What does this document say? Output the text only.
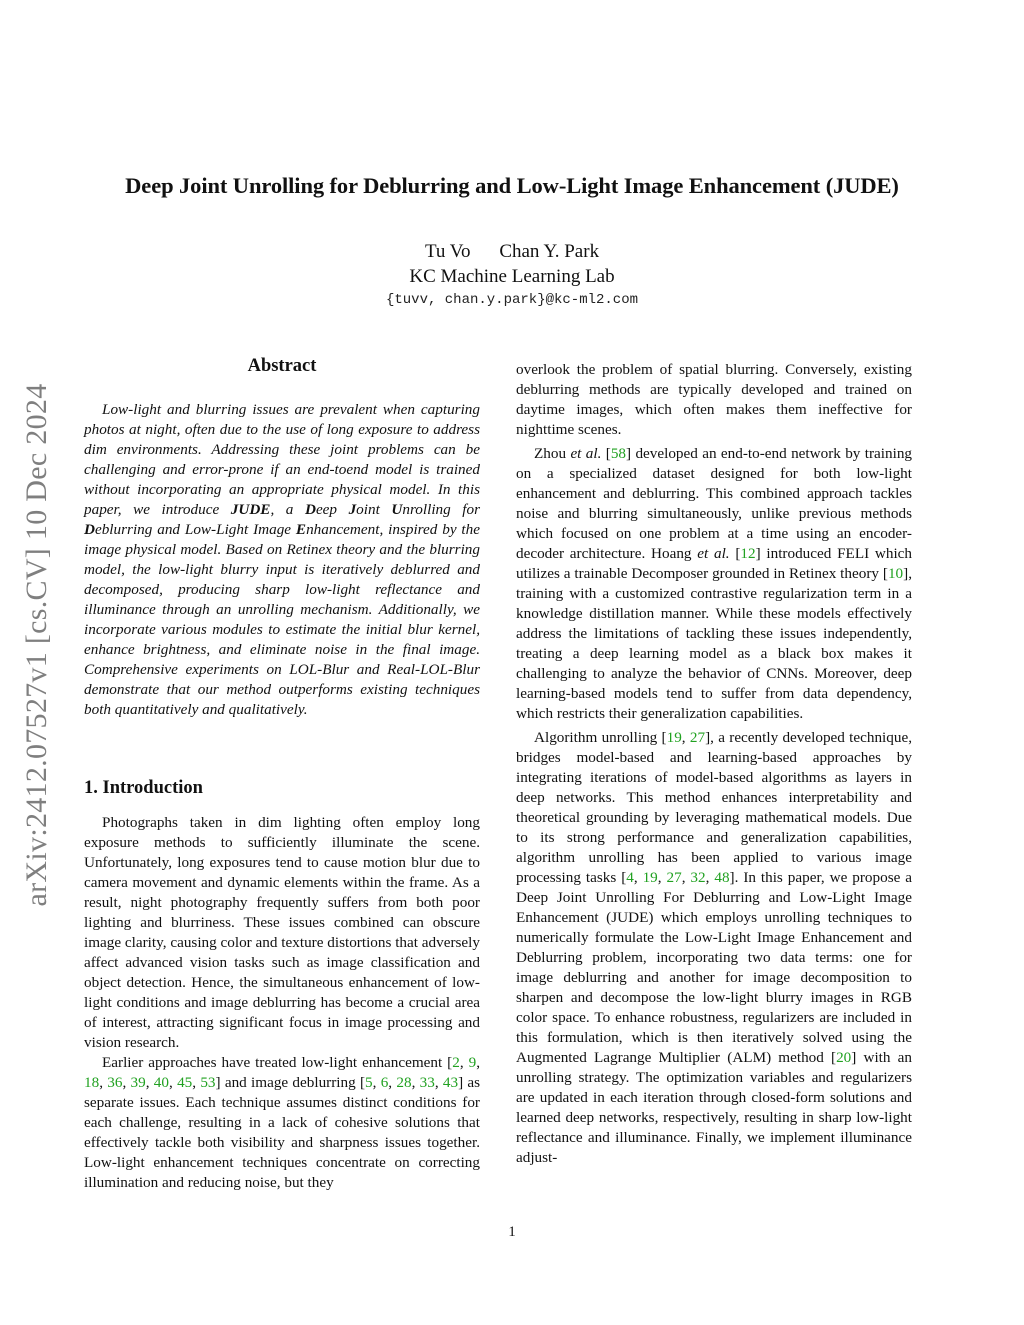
arXiv:2412.07527v1 [cs.CV] 10 Dec 2024
Deep Joint Unrolling for Deblurring and Low-Light Image Enhancement (JUDE)
Tu Vo Chan Y. Park
KC Machine Learning Lab
{tuvv, chan.y.park}@kc-ml2.com
Abstract

Low-light and blurring issues are prevalent when capturing photos at night, often due to the use of long exposure to address dim environments. Addressing these joint problems can be challenging and error-prone if an end-toend model is trained without incorporating an appropriate physical model. In this paper, we introduce JUDE, a Deep Joint Unrolling for Deblurring and Low-Light Image Enhancement, inspired by the image physical model. Based on Retinex theory and the blurring model, the low-light blurry input is iteratively deblurred and decomposed, producing sharp low-light reflectance and illuminance through an unrolling mechanism. Additionally, we incorporate various modules to estimate the initial blur kernel, enhance brightness, and eliminate noise in the final image. Comprehensive experiments on LOL-Blur and Real-LOL-Blur demonstrate that our method outperforms existing techniques both quantitatively and qualitatively.

1. Introduction

Photographs taken in dim lighting often employ long exposure methods to sufficiently illuminate the scene. Unfortunately, long exposures tend to cause motion blur due to camera movement and dynamic elements within the frame. As a result, night photography frequently suffers from both poor lighting and blurriness. These issues combined can obscure image clarity, causing color and texture distortions that adversely affect advanced vision tasks such as image classification and object detection. Hence, the simultaneous enhancement of low-light conditions and image deblurring has become a crucial area of interest, attracting significant focus in image processing and vision research.

Earlier approaches have treated low-light enhancement [2, 9, 18, 36, 39, 40, 45, 53] and image deblurring [5, 6, 28, 33, 43] as separate issues. Each technique assumes distinct conditions for each challenge, resulting in a lack of cohesive solutions that effectively tackle both visibility and sharpness issues together. Low-light enhancement techniques concentrate on correcting illumination and reducing noise, but they

overlook the problem of spatial blurring. Conversely, existing deblurring methods are typically developed and trained on daytime images, which often makes them ineffective for nighttime scenes.

Zhou et al. [58] developed an end-to-end network by training on a specialized dataset designed for both low-light enhancement and deblurring. This combined approach tackles noise and blurring simultaneously, unlike previous methods which focused on one problem at a time using an encoder-decoder architecture. Hoang et al. [12] introduced FELI which utilizes a trainable Decomposer grounded in Retinex theory [10], training with a customized contrastive regularization term in a knowledge distillation manner. While these models effectively address the limitations of tackling these issues independently, treating a deep learning model as a black box makes it challenging to analyze the behavior of CNNs. Moreover, deep learning-based models tend to suffer from data dependency, which restricts their generalization capabilities.

Algorithm unrolling [19, 27], a recently developed technique, bridges model-based and learning-based approaches by integrating iterations of model-based algorithms as layers in deep networks. This method enhances interpretability and theoretical grounding by leveraging mathematical models. Due to its strong performance and generalization capabilities, algorithm unrolling has been applied to various image processing tasks [4, 19, 27, 32, 48]. In this paper, we propose a Deep Joint Unrolling For Deblurring and Low-Light Image Enhancement (JUDE) which employs unrolling techniques to numerically formulate the Low-Light Image Enhancement and Deblurring problem, incorporating two data terms: one for image deblurring and another for image decomposition to sharpen and decompose the low-light blurry images in RGB color space. To enhance robustness, regularizers are included in this formulation, which is then iteratively solved using the Augmented Lagrange Multiplier (ALM) method [20] with an unrolling strategy. The optimization variables and regularizers are updated in each iteration through closed-form solutions and learned deep networks, respectively, resulting in sharp low-light reflectance and illuminance. Finally, we implement illuminance adjust-

1
